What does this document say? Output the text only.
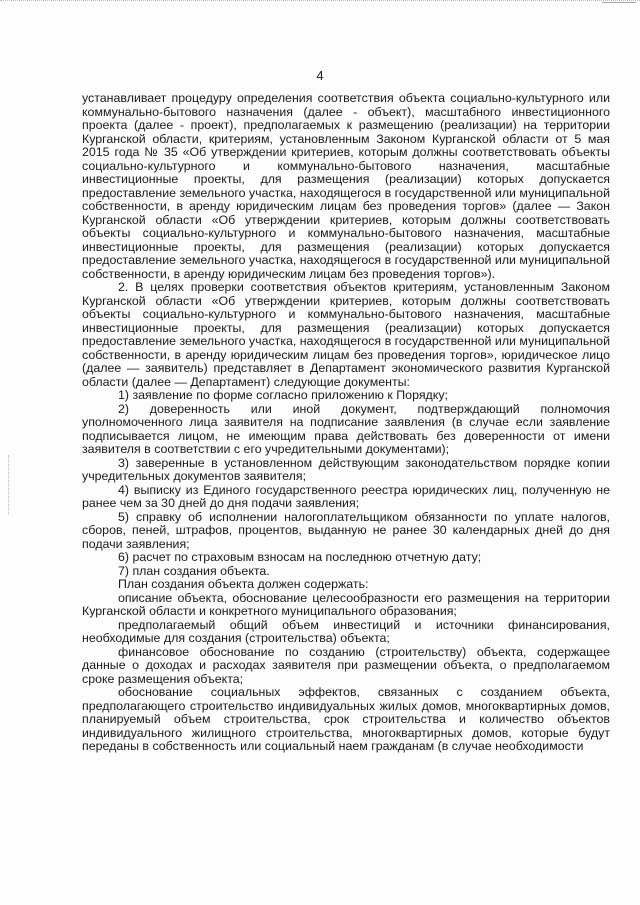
4

устанавливает процедуру определения соответствия объекта социально-культурного или коммунально-бытового назначения (далее - объект), масштабного инвестиционного проекта (далее - проект), предполагаемых к размещению (реализации) на территории Курганской области, критериям, установленным Законом Курганской области от 5 мая 2015 года № 35 «Об утверждении критериев, которым должны соответствовать объекты социально-культурного и коммунально-бытового назначения, масштабные инвестиционные проекты, для размещения (реализации) которых допускается предоставление земельного участка, находящегося в государственной или муниципальной собственности, в аренду юридическим лицам без проведения торгов» (далее — Закон Курганской области «Об утверждении критериев, которым должны соответствовать объекты социально-культурного и коммунально-бытового назначения, масштабные инвестиционные проекты, для размещения (реализации) которых допускается предоставление земельного участка, находящегося в государственной или муниципальной собственности, в аренду юридическим лицам без проведения торгов»).

2. В целях проверки соответствия объектов критериям, установленным Законом Курганской области «Об утверждении критериев, которым должны соответствовать объекты социально-культурного и коммунально-бытового назначения, масштабные инвестиционные проекты, для размещения (реализации) которых допускается предоставление земельного участка, находящегося в государственной или муниципальной собственности, в аренду юридическим лицам без проведения торгов», юридическое лицо (далее — заявитель) представляет в Департамент экономического развития Курганской области (далее — Департамент) следующие документы:

1) заявление по форме согласно приложению к Порядку;

2) доверенность или иной документ, подтверждающий полномочия уполномоченного лица заявителя на подписание заявления (в случае если заявление подписывается лицом, не имеющим права действовать без доверенности от имени заявителя в соответствии с его учредительными документами);

3) заверенные в установленном действующим законодательством порядке копии учредительных документов заявителя;

4) выписку из Единого государственного реестра юридических лиц, полученную не ранее чем за 30 дней до дня подачи заявления;

5) справку об исполнении налогоплательщиком обязанности по уплате налогов, сборов, пеней, штрафов, процентов, выданную не ранее 30 календарных дней до дня подачи заявления;

6) расчет по страховым взносам на последнюю отчетную дату;

7) план создания объекта.

План создания объекта должен содержать:

описание объекта, обоснование целесообразности его размещения на территории Курганской области и конкретного муниципального образования;

предполагаемый общий объем инвестиций и источники финансирования, необходимые для создания (строительства) объекта;

финансовое обоснование по созданию (строительству) объекта, содержащее данные о доходах и расходах заявителя при размещении объекта, о предполагаемом сроке размещения объекта;

обоснование социальных эффектов, связанных с созданием объекта, предполагающего строительство индивидуальных жилых домов, многоквартирных домов, планируемый объем строительства, срок строительства и количество объектов индивидуального жилищного строительства, многоквартирных домов, которые будут переданы в собственность или социальный наем гражданам (в случае необходимости
